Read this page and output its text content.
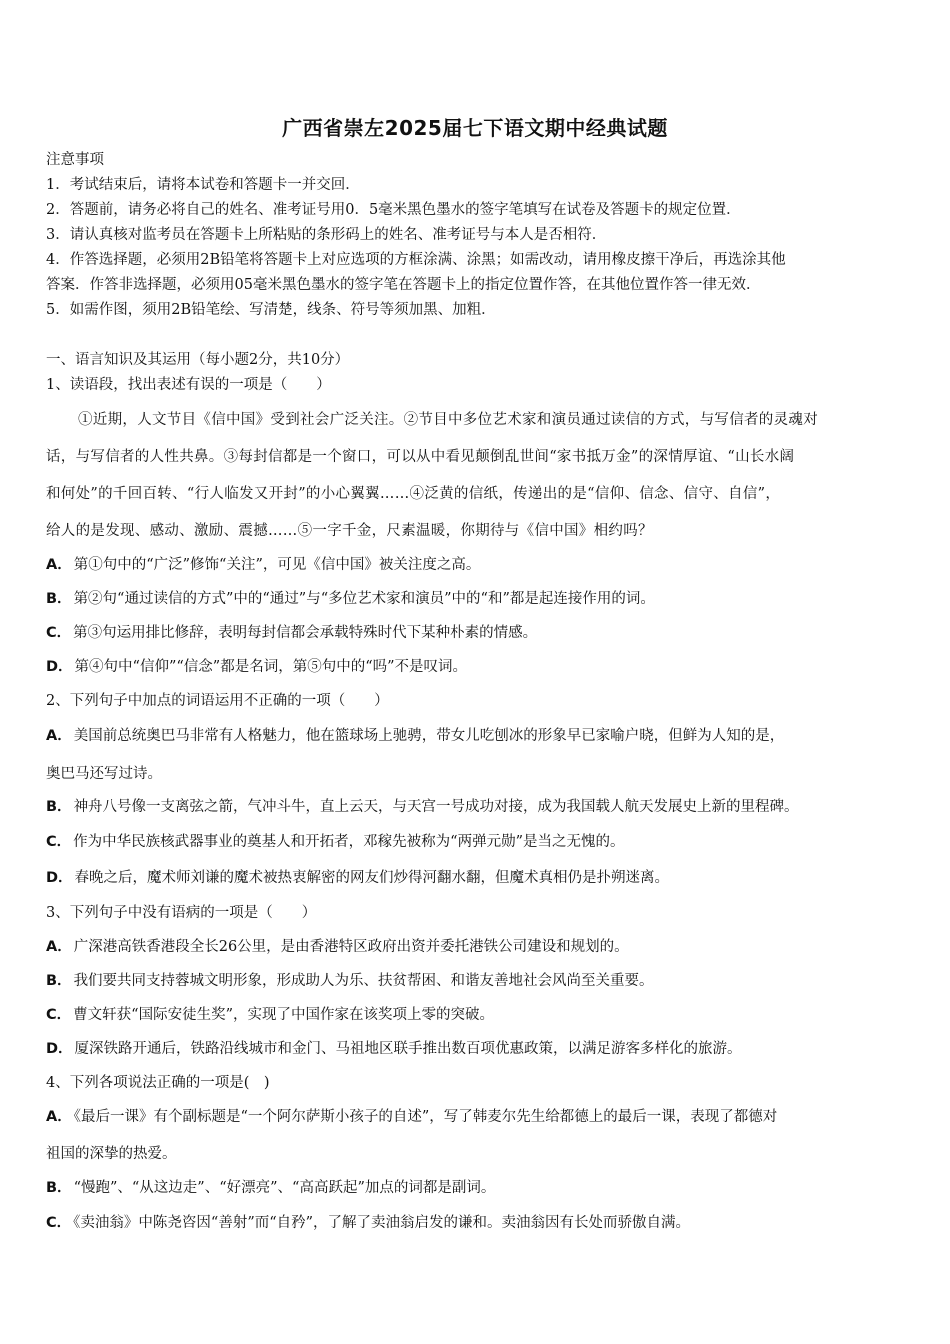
广西省崇左2025届七下语文期中经典试题
注意事项
1．考试结束后，请将本试卷和答题卡一并交回．
2．答题前，请务必将自己的姓名、准考证号用0．5毫米黑色墨水的签字笔填写在试卷及答题卡的规定位置．
3．请认真核对监考员在答题卡上所粘贴的条形码上的姓名、准考证号与本人是否相符．
4．作答选择题，必须用2B铅笔将答题卡上对应选项的方框涂满、涂黑；如需改动，请用橡皮擦干净后，再选涂其他
答案．作答非选择题，必须用05毫米黑色墨水的签字笔在答题卡上的指定位置作答，在其他位置作答一律无效．
5．如需作图，须用2B铅笔绘、写清楚，线条、符号等须加黑、加粗．
一、语言知识及其运用（每小题2分，共10分）
1、读语段，找出表述有误的一项是（　　）
①近期，人文节目《信中国》受到社会广泛关注。②节目中多位艺术家和演员通过读信的方式，与写信者的灵魂对
话，与写信者的人性共鼻。③每封信都是一个窗口，可以从中看见颠倒乱世间“家书抵万金”的深情厚谊、“山长水阔
和何处”的千回百转、“行人临发又开封”的小心翼翼……④泛黄的信纸，传递出的是“信仰、信念、信守、自信”，
给人的是发现、感动、激励、震撼……⑤一字千金，尺素温暖，你期待与《信中国》相约吗？
A． 第①句中的“广泛”修饰“关注”，可见《信中国》被关注度之高。
B． 第②句“通过读信的方式”中的“通过”与“多位艺术家和演员”中的“和”都是起连接作用的词。
C． 第③句运用排比修辞，表明每封信都会承载特殊时代下某种朴素的情感。
D． 第④句中“信仰”“信念”都是名词，第⑤句中的“吗”不是叹词。
2、下列句子中加点的词语运用不正确的一项（　　）
A． 美国前总统奥巴马非常有人格魅力，他在篮球场上驰骋，带女儿吃刨冰的形象早已家喻户晓，但鲜为人知的是，
奥巴马还写过诗。
B． 神舟八号像一支离弦之箭，气冲斗牛，直上云天，与天宫一号成功对接，成为我国载人航天发展史上新的里程碑。
C． 作为中华民族核武器事业的奠基人和开拓者，邓稼先被称为“两弹元勋”是当之无愧的。
D． 春晚之后，魔术师刘谦的魔术被热衷解密的网友们炒得河翻水翻，但魔术真相仍是扑朔迷离。
3、下列句子中没有语病的一项是（　　）
A． 广深港高铁香港段全长26公里，是由香港特区政府出资并委托港铁公司建设和规划的。
B． 我们要共同支持蓉城文明形象，形成助人为乐、扶贫帮困、和谐友善地社会风尚至关重要。
C． 曹文轩获“国际安徒生奖”，实现了中国作家在该奖项上零的突破。
D． 厦深铁路开通后，铁路沿线城市和金门、马祖地区联手推出数百项优惠政策，以满足游客多样化的旅游。
4、下列各项说法正确的一项是(　)
A． 《最后一课》有个副标题是“一个阿尔萨斯小孩子的自述”，写了韩麦尔先生给都德上的最后一课，表现了都德对
祖国的深挚的热爱。
B． “慢跑”、“从这边走”、“好漂亮”、“高高跃起”加点的词都是副词。
C． 《卖油翁》中陈尧咨因“善射”而“自矜”，了解了卖油翁启发的谦和。卖油翁因有长处而骄傲自满。
